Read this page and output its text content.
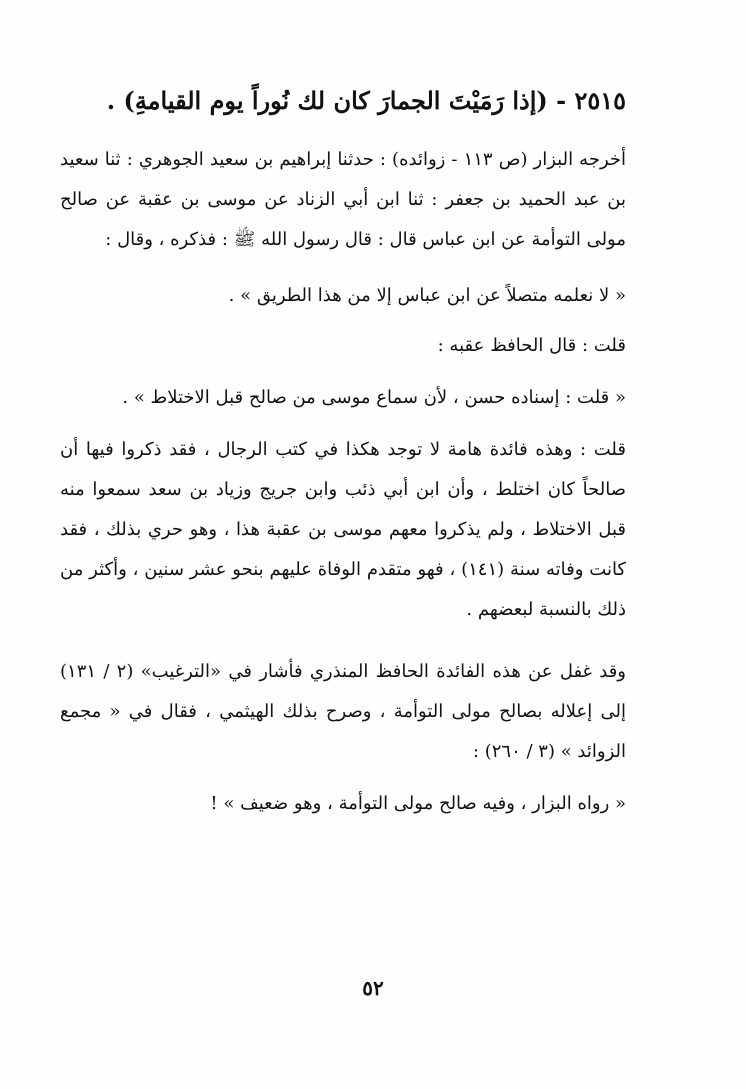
٢٥١٥ - (إذا رَمَيْتَ الجمارَ كان لك نُوراً يوم القيامةِ) .
أخرجه البزار (ص ١١٣ - زوائده) : حدثنا إبراهيم بن سعيد الجوهري : ثنا سعيد بن عبد الحميد بن جعفر : ثنا ابن أبي الزناد عن موسى بن عقبة عن صالح مولى التوأمة عن ابن عباس قال : قال رسول الله ﷺ : فذكره ، وقال :
« لا نعلمه متصلاً عن ابن عباس إلا من هذا الطريق » .
قلت : قال الحافظ عقبه :
« قلت : إسناده حسن ، لأن سماع موسى من صالح قبل الاختلاط » .
قلت : وهذه فائدة هامة لا توجد هكذا في كتب الرجال ، فقد ذكروا فيها أن صالحاً كان اختلط ، وأن ابن أبي ذئب وابن جريج وزياد بن سعد سمعوا منه قبل الاختلاط ، ولم يذكروا معهم موسى بن عقبة هذا ، وهو حري بذلك ، فقد كانت وفاته سنة (١٤١) ، فهو متقدم الوفاة عليهم بنحو عشر سنين ، وأكثر من ذلك بالنسبة لبعضهم .
وقد غفل عن هذه الفائدة الحافظ المنذري فأشار في «الترغيب» (٢ / ١٣١) إلى إعلاله بصالح مولى التوأمة ، وصرح بذلك الهيثمي ، فقال في « مجمع الزوائد » (٣ / ٢٦٠) :
« رواه البزار ، وفيه صالح مولى التوأمة ، وهو ضعيف » !
٥٢
